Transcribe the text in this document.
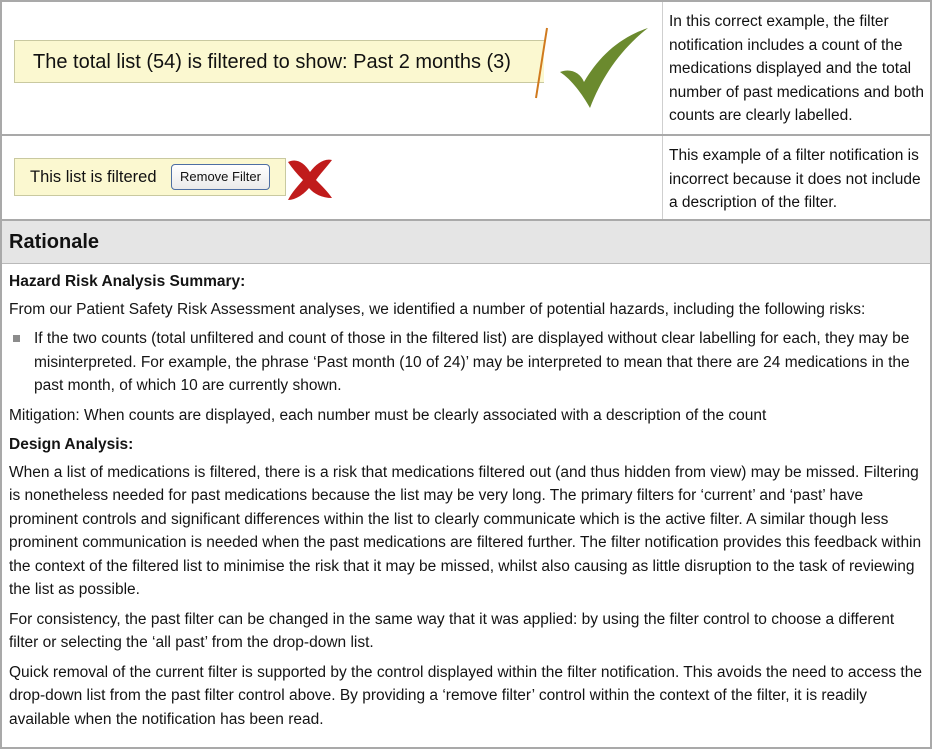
The total list (54) is filtered to show: Past 2 months (3)
In this correct example, the filter notification includes a count of the medications displayed and the total number of past medications and both counts are clearly labelled.
This list is filtered	Remove Filter
This example of a filter notification is incorrect because it does not include a description of the filter.
Rationale
Hazard Risk Analysis Summary:

From our Patient Safety Risk Assessment analyses, we identified a number of potential hazards, including the following risks:

If the two counts (total unfiltered and count of those in the filtered list) are displayed without clear labelling for each, they may be misinterpreted. For example, the phrase ‘Past month (10 of 24)’ may be interpreted to mean that there are 24 medications in the past month, of which 10 are currently shown.

Mitigation: When counts are displayed, each number must be clearly associated with a description of the count

Design Analysis:

When a list of medications is filtered, there is a risk that medications filtered out (and thus hidden from view) may be missed. Filtering is nonetheless needed for past medications because the list may be very long. The primary filters for ‘current’ and ‘past’ have prominent controls and significant differences within the list to clearly communicate which is the active filter. A similar though less prominent communication is needed when the past medications are filtered further. The filter notification provides this feedback within the context of the filtered list to minimise the risk that it may be missed, whilst also causing as little disruption to the task of reviewing the list as possible.

For consistency, the past filter can be changed in the same way that it was applied: by using the filter control to choose a different filter or selecting the ‘all past’ from the drop-down list.

Quick removal of the current filter is supported by the control displayed within the filter notification. This avoids the need to access the drop-down list from the past filter control above. By providing a ‘remove filter’ control within the context of the filter, it is readily available when the notification has been read.
